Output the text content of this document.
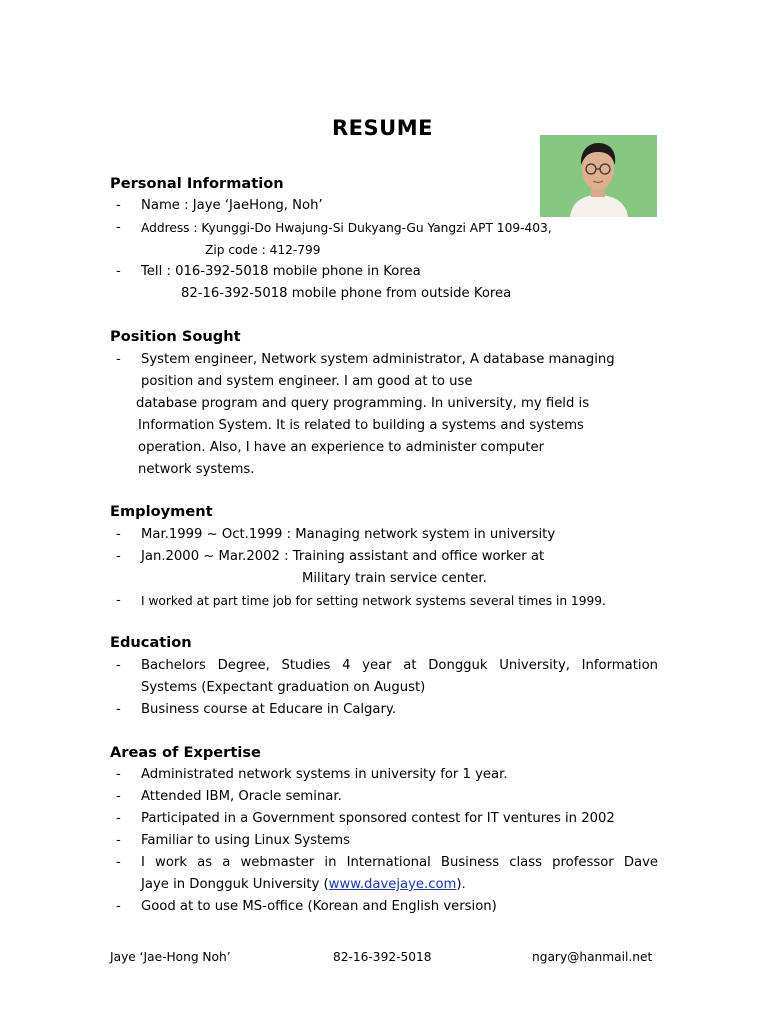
RESUME
Personal Information
- Name : Jaye ‘JaeHong, Noh’
- Address : Kyunggi-Do Hwajung-Si Dukyang-Gu Yangzi APT 109-403,
Zip code : 412-799
- Tell : 016-392-5018 mobile phone in Korea
82-16-392-5018 mobile phone from outside Korea
Position Sought
- System engineer, Network system administrator, A database managing
position and system engineer. I am good at to use
database program and query programming. In university, my field is
Information System. It is related to building a systems and systems
operation. Also, I have an experience to administer computer
network systems.
Employment
- Mar.1999 ~ Oct.1999 : Managing network system in university
- Jan.2000 ~ Mar.2002 : Training assistant and office worker at
Military train service center.
- I worked at part time job for setting network systems several times in 1999.
Education
- Bachelors Degree, Studies 4 year at Dongguk University, Information
Systems (Expectant graduation on August)
- Business course at Educare in Calgary.
Areas of Expertise
- Administrated network systems in university for 1 year.
- Attended IBM, Oracle seminar.
- Participated in a Government sponsored contest for IT ventures in 2002
- Familiar to using Linux Systems
- I work as a webmaster in International Business class professor Dave
Jaye in Dongguk University (www.davejaye.com).
- Good at to use MS-office (Korean and English version)
Jaye ‘Jae-Hong Noh’	82-16-392-5018	ngary@hanmail.net
